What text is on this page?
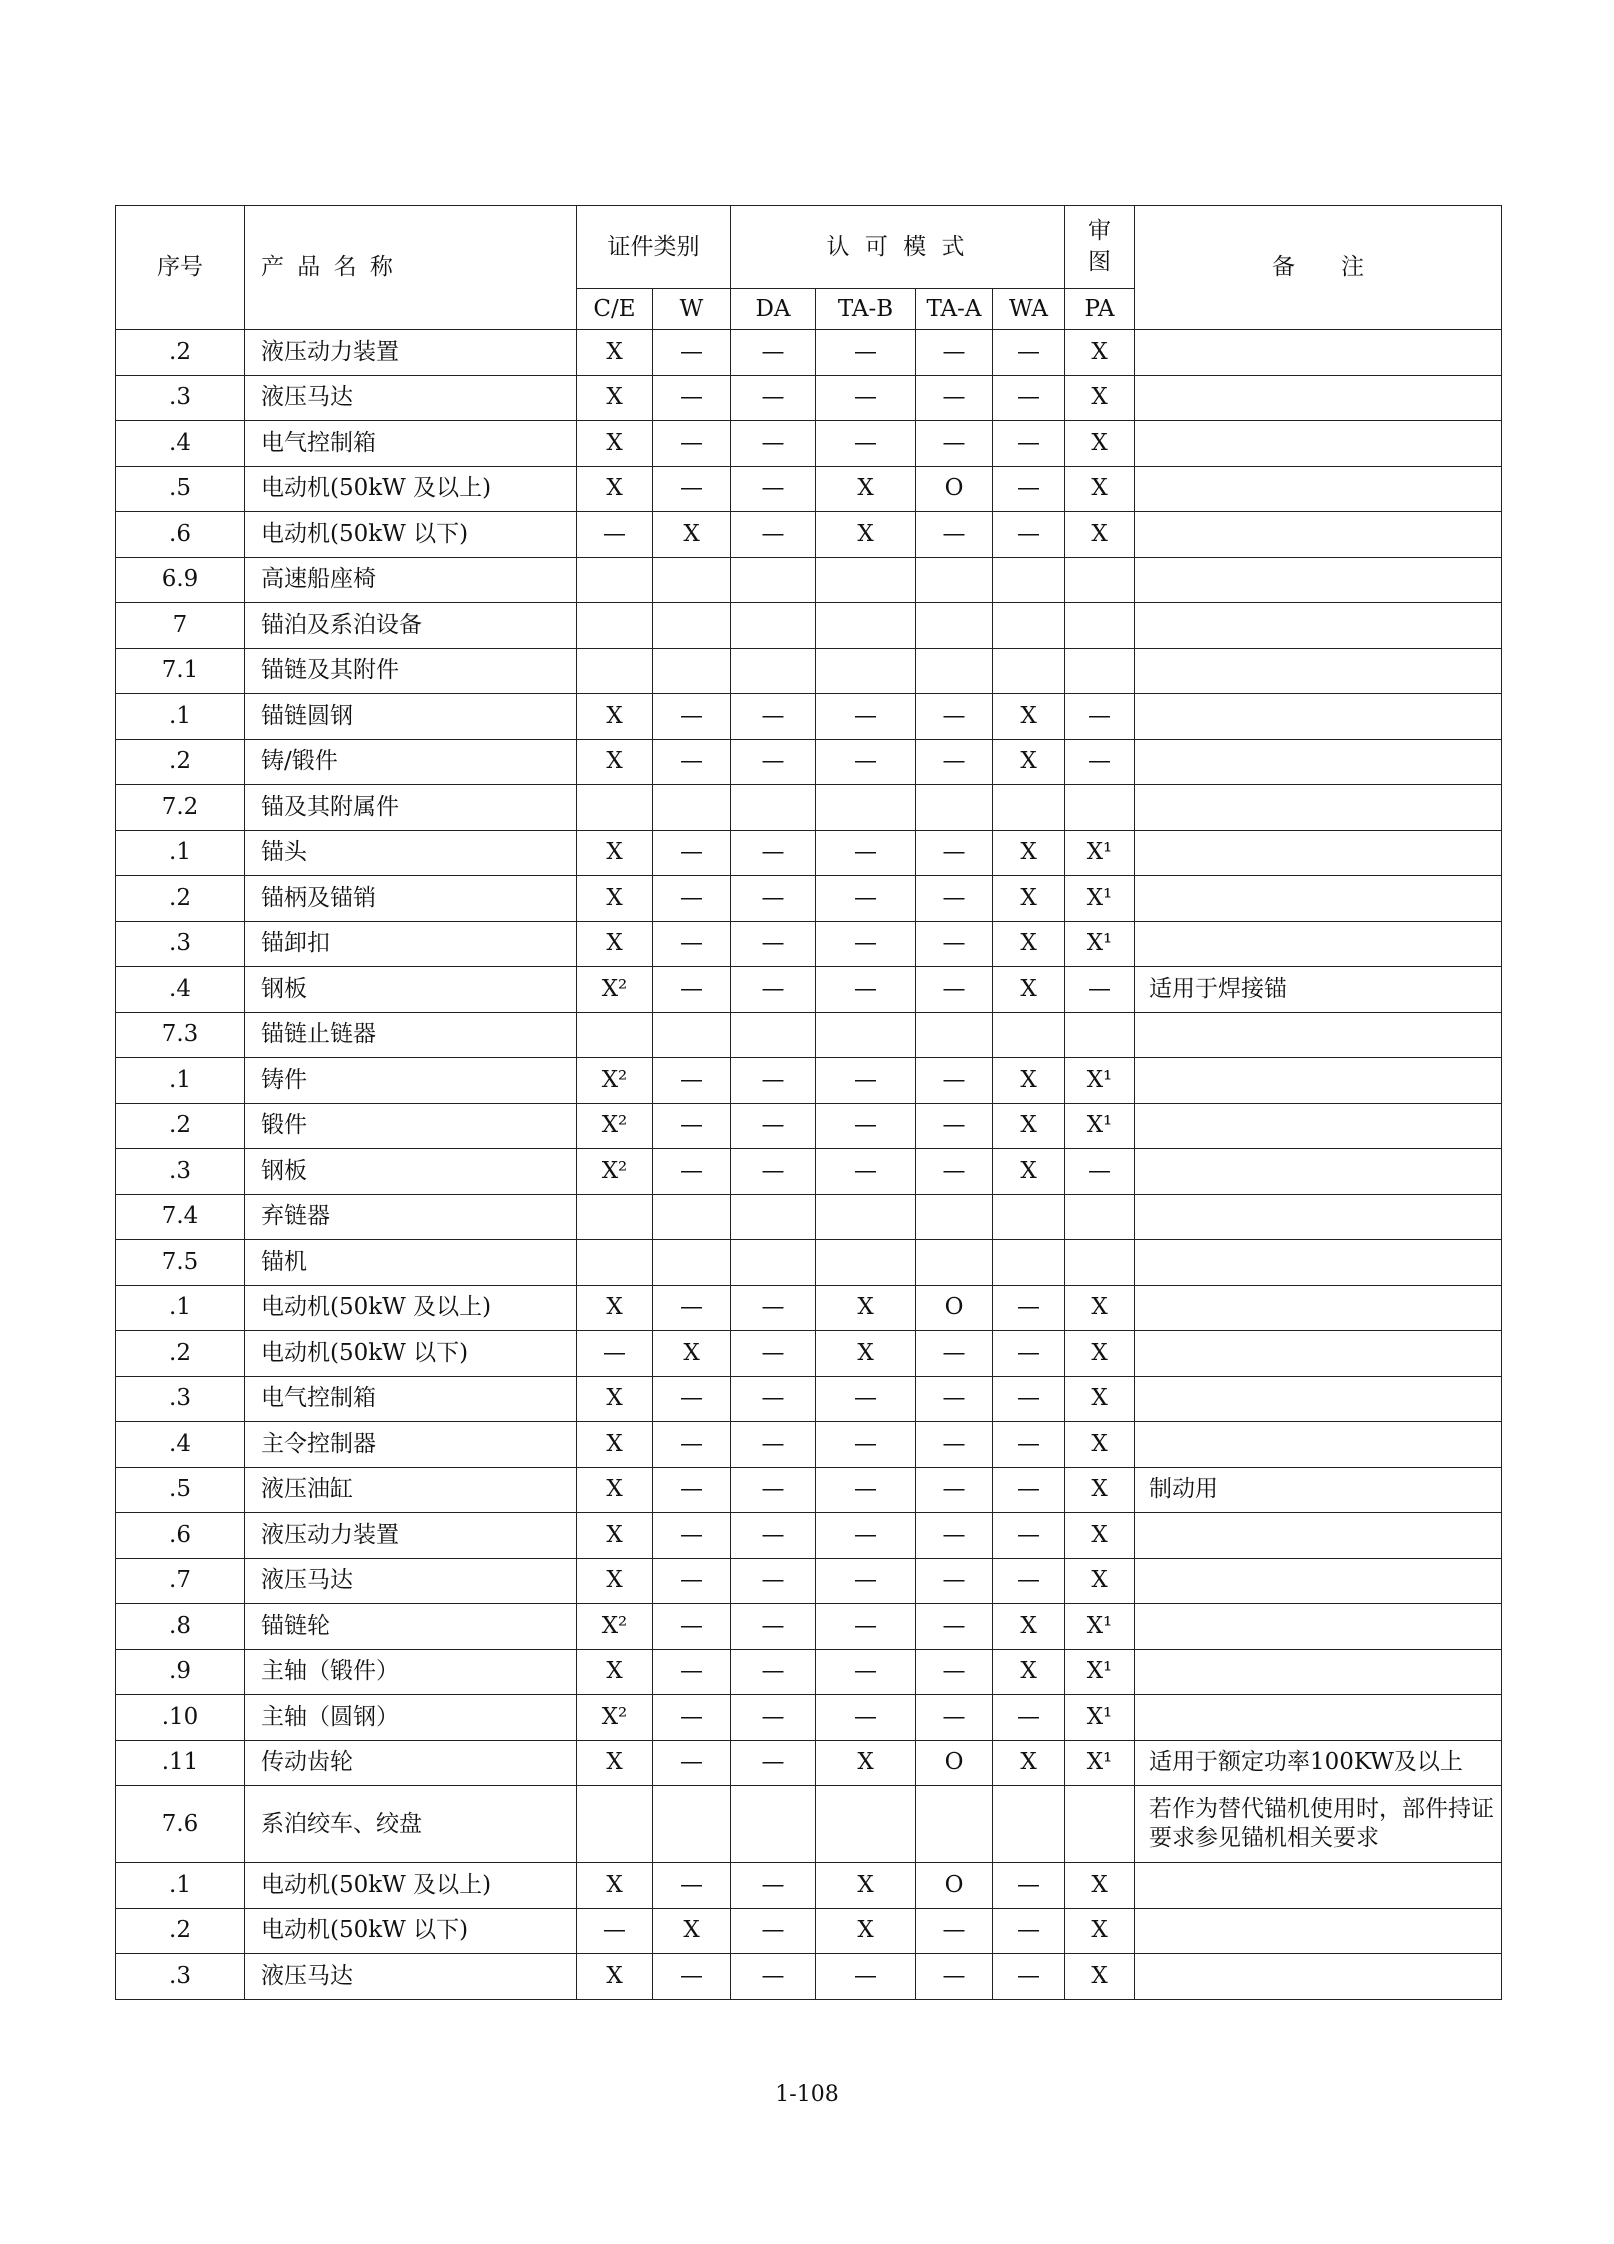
序号	产 品 名 称	证件类别		认 可 模 式				审 图	备　　注
		C/E	W	DA	TA-B	TA-A	WA	PA	
.2	液压动力装置	X	—	—	—	—	—	X	
.3	液压马达	X	—	—	—	—	—	X	
.4	电气控制箱	X	—	—	—	—	—	X	
.5	电动机(50kW 及以上)	X	—	—	X	O	—	X	
.6	电动机(50kW 以下)	—	X	—	X	—	—	X	
6.9	高速船座椅								
7	锚泊及系泊设备								
7.1	锚链及其附件								
.1	锚链圆钢	X	—	—	—	—	X	—	
.2	铸/锻件	X	—	—	—	—	X	—	
7.2	锚及其附属件								
.1	锚头	X	—	—	—	—	X	X¹	
.2	锚柄及锚销	X	—	—	—	—	X	X¹	
.3	锚卸扣	X	—	—	—	—	X	X¹	
.4	钢板	X²	—	—	—	—	X	—	适用于焊接锚
7.3	锚链止链器								
.1	铸件	X²	—	—	—	—	X	X¹	
.2	锻件	X²	—	—	—	—	X	X¹	
.3	钢板	X²	—	—	—	—	X	—	
7.4	弃链器								
7.5	锚机								
.1	电动机(50kW 及以上)	X	—	—	X	O	—	X	
.2	电动机(50kW 以下)	—	X	—	X	—	—	X	
.3	电气控制箱	X	—	—	—	—	—	X	
.4	主令控制器	X	—	—	—	—	—	X	
.5	液压油缸	X	—	—	—	—	—	X	制动用
.6	液压动力装置	X	—	—	—	—	—	X	
.7	液压马达	X	—	—	—	—	—	X	
.8	锚链轮	X²	—	—	—	—	X	X¹	
.9	主轴（锻件）	X	—	—	—	—	X	X¹	
.10	主轴（圆钢）	X²	—	—	—	—	—	X¹	
.11	传动齿轮	X	—	—	X	O	X	X¹	适用于额定功率100KW及以上
7.6	系泊绞车、绞盘								若作为替代锚机使用时，部件持证要求参见锚机相关要求
.1	电动机(50kW 及以上)	X	—	—	X	O	—	X	
.2	电动机(50kW 以下)	—	X	—	X	—	—	X	
.3	液压马达	X	—	—	—	—	—	X	
1-108
